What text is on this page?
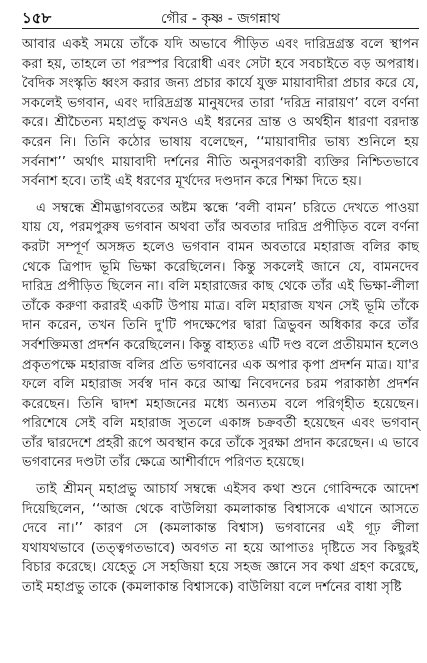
১৫৮	গৌর - কৃষ্ণ - জগন্নাথ

আবার একই সময়ে তাঁকে যদি অভাবে পীড়িত এবং দারিদ্রগ্রস্ত বলে স্থাপন করা হয়, তাহলে তা পরস্পর বিরোধী এবং সেটা হবে সবচাইতে বড় অপরাধ। বৈদিক সংস্কৃতি ধ্বংস করার জন্য প্রচার কার্যে যুক্ত মায়াবাদীরা প্রচার করে যে, সকলেই ভগবান, এবং দারিদ্রগ্রস্ত মানুষদের তারা ‘দরিদ্র নারায়ণ’ বলে বর্ণনা করে। শ্রীচৈতন্য মহাপ্রভু কখনও এই ধরনের ভ্রান্ত ও অর্থহীন ধারণা বরদাস্ত করেন নি। তিনি কঠোর ভাষায় বলেছেন, ‘‘মায়াবাদীর ভাষ্য শুনিলে হয় সর্বনাশ’’ অর্থাৎ মায়াবাদী দর্শনের নীতি অনুসরণকারী ব্যক্তির নিশ্চিতভাবে সর্বনাশ হবে। তাই এই ধরণের মূর্খদের দণ্ডদান করে শিক্ষা দিতে হয়।

এ সম্বন্ধে শ্রীমদ্ভাগবতের অষ্টম স্কন্ধে ‘বলী বামন’ চরিতে দেখতে পাওয়া যায় যে, পরমপুরুষ ভগবান অথবা তাঁর অবতার দারিদ্র প্রপীড়িত বলে বর্ণনা করটা সম্পূর্ণ অসঙ্গত হলেও ভগবান বামন অবতারে মহারাজ বলির কাছ থেকে ত্রিপাদ ভূমি ভিক্ষা করেছিলেন। কিন্তু সকলেই জানে যে, বামনদেব দারিদ্র প্রপীড়িত ছিলেন না। বলি মহারাজের কাছ থেকে তাঁর এই ভিক্ষা-লীলা তাঁকে করুণা করারই একটি উপায় মাত্র। বলি মহারাজ যখন সেই ভূমি তাঁকে দান করেন, তখন তিনি দু'টি পদক্ষেপের দ্বারা ত্রিভুবন অধিকার করে তাঁর সর্বশক্তিমত্তা প্রদর্শন করেছিলেন। কিন্তু বাহ্যতঃ এটি দণ্ড বলে প্রতীয়মান হলেও প্রকৃতপক্ষে মহারাজ বলির প্রতি ভগবানের এক অপার কৃপা প্রদর্শন মাত্র। যা'র ফলে বলি মহারাজ সর্বস্ব দান করে আত্ম নিবেদনের চরম পরাকাষ্ঠা প্রদর্শন করেছেন। তিনি দ্বাদশ মহাজনের মধ্যে অন্যতম বলে পরিগৃহীত হয়েছেন। পরিশেষে সেই বলি মহারাজ সুতলে একাঙ্গ চক্রবর্তী হয়েছেন এবং ভগবান্ তাঁর দ্বারদেশে প্রহরী রূপে অবস্থান করে তাঁকে সুরক্ষা প্রদান করেছেন। এ ভাবে ভগবানের দণ্ডটা তাঁর ক্ষেত্রে আশীর্বাদে পরিণত হয়েছে।

তাই শ্রীমন্ মহাপ্রভু আচার্য সম্বন্ধে এইসব কথা শুনে গোবিন্দকে আদেশ দিয়েছিলেন, ‘‘আজ থেকে বাউলিয়া কমলাকান্ত বিশ্বাসকে এখানে আসতে দেবে না।’’ কারণ সে (কমলাকান্ত বিশ্বাস) ভগবানের এই গূঢ় লীলা যথাযথভাবে (তত্ত্বগতভাবে) অবগত না হয়ে আপাতঃ দৃষ্টিতে সব কিছুরই বিচার করেছে। যেহেতু সে সহজিয়া হয়ে সহজ জ্ঞানে সব কথা গ্রহণ করেছে, তাই মহাপ্রভু তাকে (কমলাকান্ত বিশ্বাসকে) বাউলিয়া বলে দর্শনের বাধা সৃষ্টি
